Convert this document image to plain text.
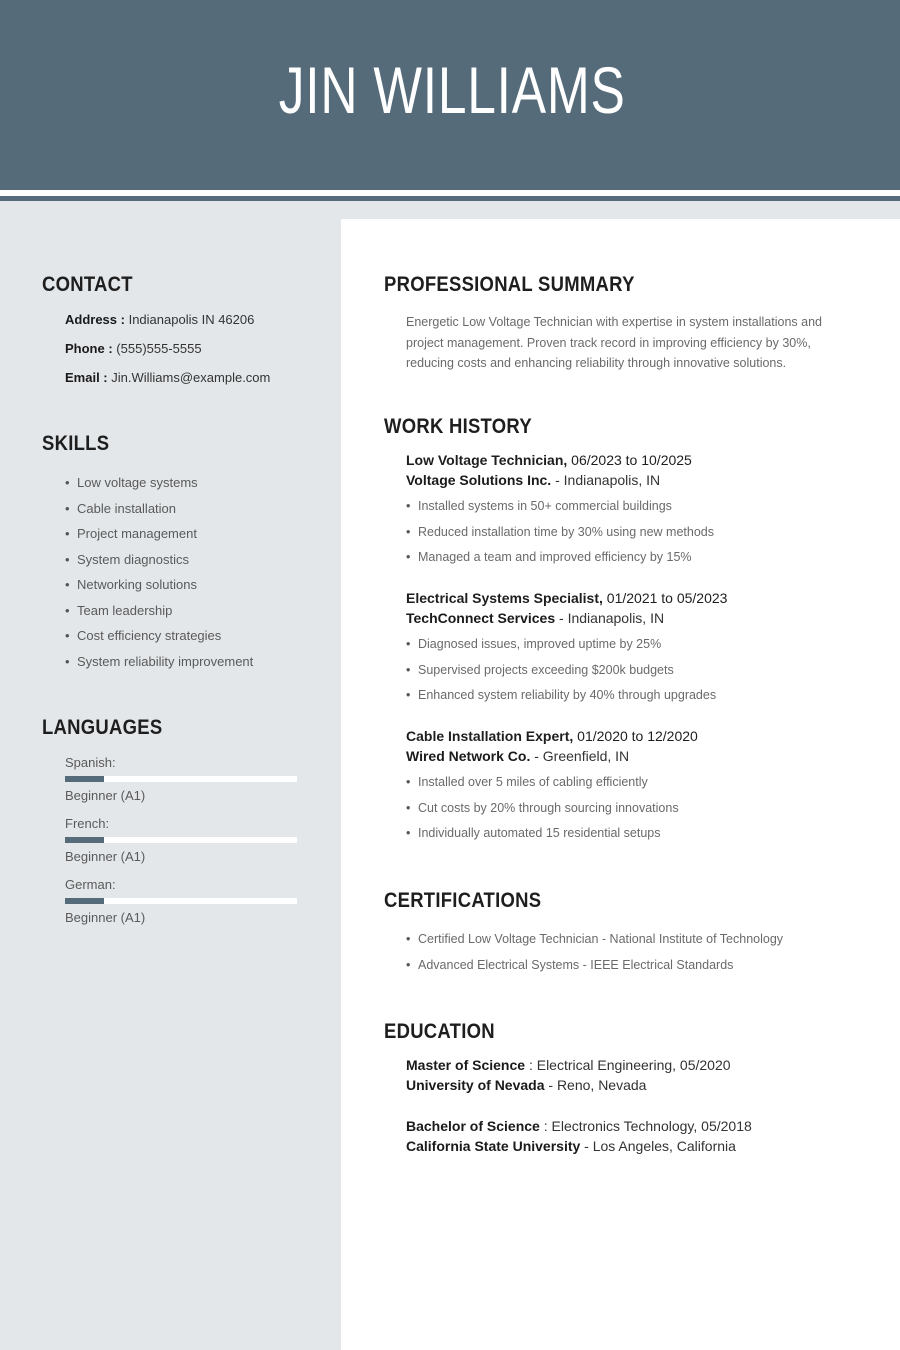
JIN WILLIAMS
CONTACT
Address : Indianapolis IN 46206
Phone : (555)555-5555
Email : Jin.Williams@example.com
SKILLS
• Low voltage systems
• Cable installation
• Project management
• System diagnostics
• Networking solutions
• Team leadership
• Cost efficiency strategies
• System reliability improvement
LANGUAGES
Spanish:
Beginner (A1)
French:
Beginner (A1)
German:
Beginner (A1)
PROFESSIONAL SUMMARY
Energetic Low Voltage Technician with expertise in system installations and project management. Proven track record in improving efficiency by 30%, reducing costs and enhancing reliability through innovative solutions.
WORK HISTORY
Low Voltage Technician, 06/2023 to 10/2025
Voltage Solutions Inc. - Indianapolis, IN
• Installed systems in 50+ commercial buildings
• Reduced installation time by 30% using new methods
• Managed a team and improved efficiency by 15%
Electrical Systems Specialist, 01/2021 to 05/2023
TechConnect Services - Indianapolis, IN
• Diagnosed issues, improved uptime by 25%
• Supervised projects exceeding $200k budgets
• Enhanced system reliability by 40% through upgrades
Cable Installation Expert, 01/2020 to 12/2020
Wired Network Co. - Greenfield, IN
• Installed over 5 miles of cabling efficiently
• Cut costs by 20% through sourcing innovations
• Individually automated 15 residential setups
CERTIFICATIONS
• Certified Low Voltage Technician - National Institute of Technology
• Advanced Electrical Systems - IEEE Electrical Standards
EDUCATION
Master of Science : Electrical Engineering, 05/2020
University of Nevada - Reno, Nevada
Bachelor of Science : Electronics Technology, 05/2018
California State University - Los Angeles, California
